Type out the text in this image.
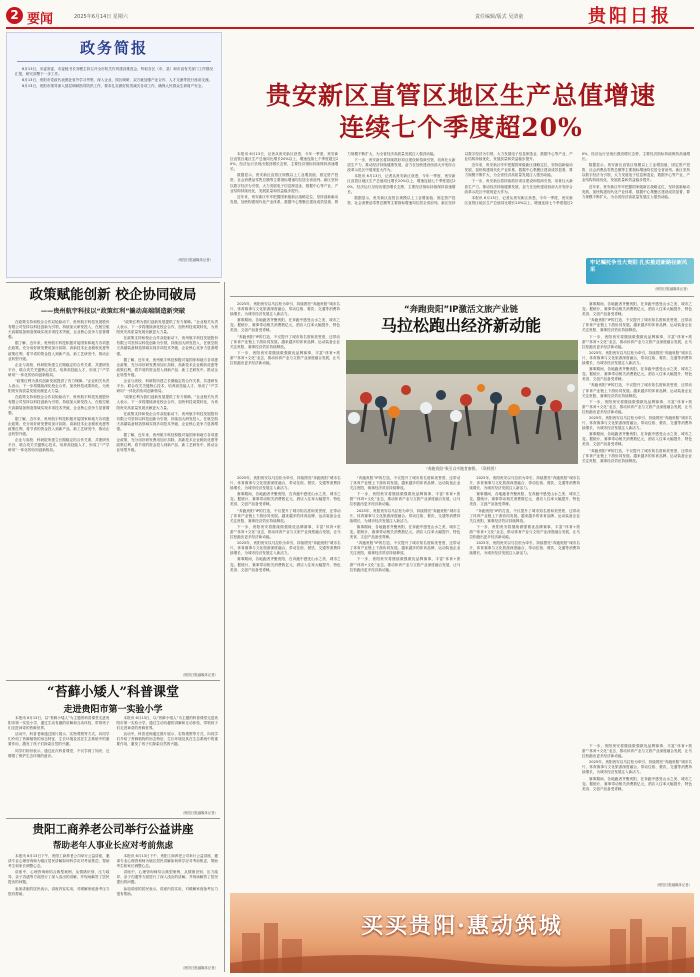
2 要闻	2025年6月14日 星期六	责任编辑/版式 吴清童	贵阳日报
政务简报

6月13日，市委常委、市委秘书长刘俊主持召开全市机关作风建设推进会，听取各区（市、县）和市直有关部门工作情况汇报，研究部署下一步工作。

6月13日，贵阳市党政代表团赴省外学习考察，深入企业、园区调研，双方就加强产业合作、人才交流等进行座谈交流。

6月13日，贵阳市领导深入基层调研指导防汛工作，要求扎实做好防汛减灾各项工作，确保人民群众生命财产安全。

（贵阳日报融媒体记者）
贵安新区直管区地区生产总值增速
连续七个季度超20%

本报讯 6月13日，记者从贵安新区获悉，今年一季度，贵安新区直管区地区生产总值同比增长20%以上，增速连续七个季度超过20%，经济运行呈现出强劲增长态势，主要经济指标持续保持高速增长。

数据显示，贵安新区直管区规模以上工业增加值、固定资产投资、社会消费品零售总额等主要指标增速均位居全省前列。新区坚持以数字经济为引领，大力发展电子信息制造业、数据中心等产业，产业结构持续优化，发展质量和效益稳步提升。

近年来，贵安新区牢牢把握国家级新区战略定位，坚持创新驱动发展，加快构建现代化产业体系，数据中心集聚区建设成效显著，算力规模不断扩大，为全省经济高质量发展注入强劲动能。

下一步，贵安新区将持续抓好项目建设和招商引资，培育壮大新质生产力，推动经济持续健康发展，奋力在加快建设西部大开发综合改革示范区中展现更大作为。

本报讯 6月13日，记者从贵安新区获悉，今年一季度，贵安新区直管区地区生产总值同比增长20%以上，增速连续七个季度超过20%，经济运行呈现出强劲增长态势，主要经济指标持续保持高速增长。

数据显示，贵安新区直管区规模以上工业增加值、固定资产投资、社会消费品零售总额等主要指标增速均位居全省前列。新区坚持以数字经济为引领，大力发展电子信息制造业、数据中心等产业，产业结构持续优化，发展质量和效益稳步提升。

近年来，贵安新区牢牢把握国家级新区战略定位，坚持创新驱动发展，加快构建现代化产业体系，数据中心集聚区建设成效显著，算力规模不断扩大，为全省经济高质量发展注入强劲动能。

下一步，贵安新区将持续抓好项目建设和招商引资，培育壮大新质生产力，推动经济持续健康发展，奋力在加快建设西部大开发综合改革示范区中展现更大作为。

本报讯 6月13日，记者从贵安新区获悉，今年一季度，贵安新区直管区地区生产总值同比增长20%以上，增速连续七个季度超过20%，经济运行呈现出强劲增长态势，主要经济指标持续保持高速增长。

数据显示，贵安新区直管区规模以上工业增加值、固定资产投资、社会消费品零售总额等主要指标增速均位居全省前列。新区坚持以数字经济为引领，大力发展电子信息制造业、数据中心等产业，产业结构持续优化，发展质量和效益稳步提升。

近年来，贵安新区牢牢把握国家级新区战略定位，坚持创新驱动发展，加快构建现代化产业体系，数据中心集聚区建设成效显著，算力规模不断扩大，为全省经济高质量发展注入强劲动能。

（贵阳日报融媒体记者）
牢记嘱托争当大贵阳 扎实推进新路径新风采
政策赋能创新 校企协同破局
——贵州航宇科技以“政策红利”撬动高端制造新突破

在政策支持和校企合作双轮驱动下，贵州航宇科技发展股份有限公司坚持以科技创新为引领，持续加大研发投入，在航空航天高端装备制造领域实现多项技术突破，企业核心竞争力显著增强。

据了解，近年来，贵州航宇科技积极对接国家和地方各项惠企政策，充分用好研发费用加计扣除、高新技术企业税收优惠等政策红利，将节省的资金投入到新产品、新工艺研发中，推动企业转型升级。

企业与高校、科研院所建立长期稳定的合作关系，共建研发平台、联合攻关关键核心技术，培养高技能人才，形成了“产学研用”一体化的协同创新格局。

“政策红利为我们创新发展提供了有力保障。”企业相关负责人表示，下一步将继续深化校企合作，加快科技成果转化，为贵阳贵安高质量发展贡献更大力量。

在政策支持和校企合作双轮驱动下，贵州航宇科技发展股份有限公司坚持以科技创新为引领，持续加大研发投入，在航空航天高端装备制造领域实现多项技术突破，企业核心竞争力显著增强。

据了解，近年来，贵州航宇科技积极对接国家和地方各项惠企政策，充分用好研发费用加计扣除、高新技术企业税收优惠等政策红利，将节省的资金投入到新产品、新工艺研发中，推动企业转型升级。

企业与高校、科研院所建立长期稳定的合作关系，共建研发平台、联合攻关关键核心技术，培养高技能人才，形成了“产学研用”一体化的协同创新格局。

“政策红利为我们创新发展提供了有力保障。”企业相关负责人表示，下一步将继续深化校企合作，加快科技成果转化，为贵阳贵安高质量发展贡献更大力量。

在政策支持和校企合作双轮驱动下，贵州航宇科技发展股份有限公司坚持以科技创新为引领，持续加大研发投入，在航空航天高端装备制造领域实现多项技术突破，企业核心竞争力显著增强。

据了解，近年来，贵州航宇科技积极对接国家和地方各项惠企政策，充分用好研发费用加计扣除、高新技术企业税收优惠等政策红利，将节省的资金投入到新产品、新工艺研发中，推动企业转型升级。

企业与高校、科研院所建立长期稳定的合作关系，共建研发平台、联合攻关关键核心技术，培养高技能人才，形成了“产学研用”一体化的协同创新格局。

“政策红利为我们创新发展提供了有力保障。”企业相关负责人表示，下一步将继续深化校企合作，加快科技成果转化，为贵阳贵安高质量发展贡献更大力量。

在政策支持和校企合作双轮驱动下，贵州航宇科技发展股份有限公司坚持以科技创新为引领，持续加大研发投入，在航空航天高端装备制造领域实现多项技术突破，企业核心竞争力显著增强。

据了解，近年来，贵州航宇科技积极对接国家和地方各项惠企政策，充分用好研发费用加计扣除、高新技术企业税收优惠等政策红利，将节省的资金投入到新产品、新工艺研发中，推动企业转型升级。

（贵阳日报融媒体记者）
“苔藓小矮人”科普课堂
走进贵阳市第一实验小学

本报讯 6月13日，以“苔藓小矮人”为主题的科普课堂走进贵阳市第一实验小学，通过生动有趣的讲解和互动体验，带领孩子们走进神奇的苔藓世界。

活动中，科普老师通过图片展示、实物观察等方式，向同学们介绍了苔藓植物的形态特征、生长环境及其在生态系统中的重要作用，激发了孩子们探索自然的兴趣。

同学们纷纷表示，通过此次科普课堂，不仅学到了知识，还增强了保护生态环境的意识。

本报讯 6月13日，以“苔藓小矮人”为主题的科普课堂走进贵阳市第一实验小学，通过生动有趣的讲解和互动体验，带领孩子们走进神奇的苔藓世界。

活动中，科普老师通过图片展示、实物观察等方式，向同学们介绍了苔藓植物的形态特征、生长环境及其在生态系统中的重要作用，激发了孩子们探索自然的兴趣。

（贵阳日报融媒体记者）
贵阳工商养老公司举行公益讲座
帮助老年人事业长应对考前焦虑

本报讯 6月13日下午，贵阳工商养老公司举行公益讲座，邀请专业心理咨询师为辖区居民讲解如何科学应对考前焦虑，帮助考生和家长调整心态。

讲座中，心理咨询师结合典型案例，从情绪识别、压力疏导、亲子沟通等方面进行了深入浅出的讲解，并现场解答了居民提出的问题。

参加讲座的居民表示，讲座内容实用，对缓解家庭备考压力很有帮助。

本报讯 6月13日下午，贵阳工商养老公司举行公益讲座，邀请专业心理咨询师为辖区居民讲解如何科学应对考前焦虑，帮助考生和家长调整心态。

讲座中，心理咨询师结合典型案例，从情绪识别、压力疏导、亲子沟通等方面进行了深入浅出的讲解，并现场解答了居民提出的问题。

参加讲座的居民表示，讲座内容实用，对缓解家庭备考压力很有帮助。

（贵阳日报融媒体记者）

2025年，贵阳贵安以马拉松为牵引，持续擦亮“奔跑贵阳”城市名片，体育赛事与文化旅游深度融合，带动住宿、餐饮、交通等消费持续增长，为城市经济发展注入新活力。

赛事期间，各地跑者齐聚贵阳，在奔跑中感受山水之美、城市之变。据统计，赛事带动相关消费数亿元，酒店入住率大幅提升，特色美食、文创产品备受青睐。

“奔跑贵阳”IP的打造，不仅提升了城市知名度和美誉度，还带动了体育产业链上下游协同发展。越来越多的体育品牌、运动装备企业关注贵阳，赛事经济效应持续释放。

下一步，贵阳贵安将继续做强做优品牌赛事，丰富“体育+旅游”“体育+文化”业态，推动体育产业与文旅产业深度融合发展，让马拉松跑出更多经济新动能。

“奔跑贵阳”IP激活文旅产业链
马拉松跑出经济新动能

赛事期间，各地跑者齐聚贵阳，在奔跑中感受山水之美、城市之变。据统计，赛事带动相关消费数亿元，酒店入住率大幅提升，特色美食、文创产品备受青睐。

“奔跑贵阳”IP的打造，不仅提升了城市知名度和美誉度，还带动了体育产业链上下游协同发展。越来越多的体育品牌、运动装备企业关注贵阳，赛事经济效应持续释放。

下一步，贵阳贵安将继续做强做优品牌赛事，丰富“体育+旅游”“体育+文化”业态，推动体育产业与文旅产业深度融合发展，让马拉松跑出更多经济新动能。

2025年，贵阳贵安以马拉松为牵引，持续擦亮“奔跑贵阳”城市名片，体育赛事与文化旅游深度融合，带动住宿、餐饮、交通等消费持续增长，为城市经济发展注入新活力。

赛事期间，各地跑者齐聚贵阳，在奔跑中感受山水之美、城市之变。据统计，赛事带动相关消费数亿元，酒店入住率大幅提升，特色美食、文创产品备受青睐。

“奔跑贵阳”IP的打造，不仅提升了城市知名度和美誉度，还带动了体育产业链上下游协同发展。越来越多的体育品牌、运动装备企业关注贵阳，赛事经济效应持续释放。

下一步，贵阳贵安将继续做强做优品牌赛事，丰富“体育+旅游”“体育+文化”业态，推动体育产业与文旅产业深度融合发展，让马拉松跑出更多经济新动能。

2025年，贵阳贵安以马拉松为牵引，持续擦亮“奔跑贵阳”城市名片，体育赛事与文化旅游深度融合，带动住宿、餐饮、交通等消费持续增长，为城市经济发展注入新活力。

赛事期间，各地跑者齐聚贵阳，在奔跑中感受山水之美、城市之变。据统计，赛事带动相关消费数亿元，酒店入住率大幅提升，特色美食、文创产品备受青睐。

“奔跑贵阳”IP的打造，不仅提升了城市知名度和美誉度，还带动了体育产业链上下游协同发展。越来越多的体育品牌、运动装备企业关注贵阳，赛事经济效应持续释放。

“奔跑贵阳”吸引众多跑者参赛。（资料图）

2025年，贵阳贵安以马拉松为牵引，持续擦亮“奔跑贵阳”城市名片，体育赛事与文化旅游深度融合，带动住宿、餐饮、交通等消费持续增长，为城市经济发展注入新活力。

赛事期间，各地跑者齐聚贵阳，在奔跑中感受山水之美、城市之变。据统计，赛事带动相关消费数亿元，酒店入住率大幅提升，特色美食、文创产品备受青睐。

“奔跑贵阳”IP的打造，不仅提升了城市知名度和美誉度，还带动了体育产业链上下游协同发展。越来越多的体育品牌、运动装备企业关注贵阳，赛事经济效应持续释放。

下一步，贵阳贵安将继续做强做优品牌赛事，丰富“体育+旅游”“体育+文化”业态，推动体育产业与文旅产业深度融合发展，让马拉松跑出更多经济新动能。

2025年，贵阳贵安以马拉松为牵引，持续擦亮“奔跑贵阳”城市名片，体育赛事与文化旅游深度融合，带动住宿、餐饮、交通等消费持续增长，为城市经济发展注入新活力。

赛事期间，各地跑者齐聚贵阳，在奔跑中感受山水之美、城市之变。据统计，赛事带动相关消费数亿元，酒店入住率大幅提升，特色美食、文创产品备受青睐。

“奔跑贵阳”IP的打造，不仅提升了城市知名度和美誉度，还带动了体育产业链上下游协同发展。越来越多的体育品牌、运动装备企业关注贵阳，赛事经济效应持续释放。

下一步，贵阳贵安将继续做强做优品牌赛事，丰富“体育+旅游”“体育+文化”业态，推动体育产业与文旅产业深度融合发展，让马拉松跑出更多经济新动能。

2025年，贵阳贵安以马拉松为牵引，持续擦亮“奔跑贵阳”城市名片，体育赛事与文化旅游深度融合，带动住宿、餐饮、交通等消费持续增长，为城市经济发展注入新活力。

赛事期间，各地跑者齐聚贵阳，在奔跑中感受山水之美、城市之变。据统计，赛事带动相关消费数亿元，酒店入住率大幅提升，特色美食、文创产品备受青睐。

“奔跑贵阳”IP的打造，不仅提升了城市知名度和美誉度，还带动了体育产业链上下游协同发展。越来越多的体育品牌、运动装备企业关注贵阳，赛事经济效应持续释放。

下一步，贵阳贵安将继续做强做优品牌赛事，丰富“体育+旅游”“体育+文化”业态，推动体育产业与文旅产业深度融合发展，让马拉松跑出更多经济新动能。

2025年，贵阳贵安以马拉松为牵引，持续擦亮“奔跑贵阳”城市名片，体育赛事与文化旅游深度融合，带动住宿、餐饮、交通等消费持续增长，为城市经济发展注入新活力。

赛事期间，各地跑者齐聚贵阳，在奔跑中感受山水之美、城市之变。据统计，赛事带动相关消费数亿元，酒店入住率大幅提升，特色美食、文创产品备受青睐。

“奔跑贵阳”IP的打造，不仅提升了城市知名度和美誉度，还带动了体育产业链上下游协同发展。越来越多的体育品牌、运动装备企业关注贵阳，赛事经济效应持续释放。

下一步，贵阳贵安将继续做强做优品牌赛事，丰富“体育+旅游”“体育+文化”业态，推动体育产业与文旅产业深度融合发展，让马拉松跑出更多经济新动能。

2025年，贵阳贵安以马拉松为牵引，持续擦亮“奔跑贵阳”城市名片，体育赛事与文化旅游深度融合，带动住宿、餐饮、交通等消费持续增长，为城市经济发展注入新活力。

下一步，贵阳贵安将继续做强做优品牌赛事，丰富“体育+旅游”“体育+文化”业态，推动体育产业与文旅产业深度融合发展，让马拉松跑出更多经济新动能。

2025年，贵阳贵安以马拉松为牵引，持续擦亮“奔跑贵阳”城市名片，体育赛事与文化旅游深度融合，带动住宿、餐饮、交通等消费持续增长，为城市经济发展注入新活力。

赛事期间，各地跑者齐聚贵阳，在奔跑中感受山水之美、城市之变。据统计，赛事带动相关消费数亿元，酒店入住率大幅提升，特色美食、文创产品备受青睐。

（贵阳日报融媒体记者）
买买贵阳·惠动筑城
